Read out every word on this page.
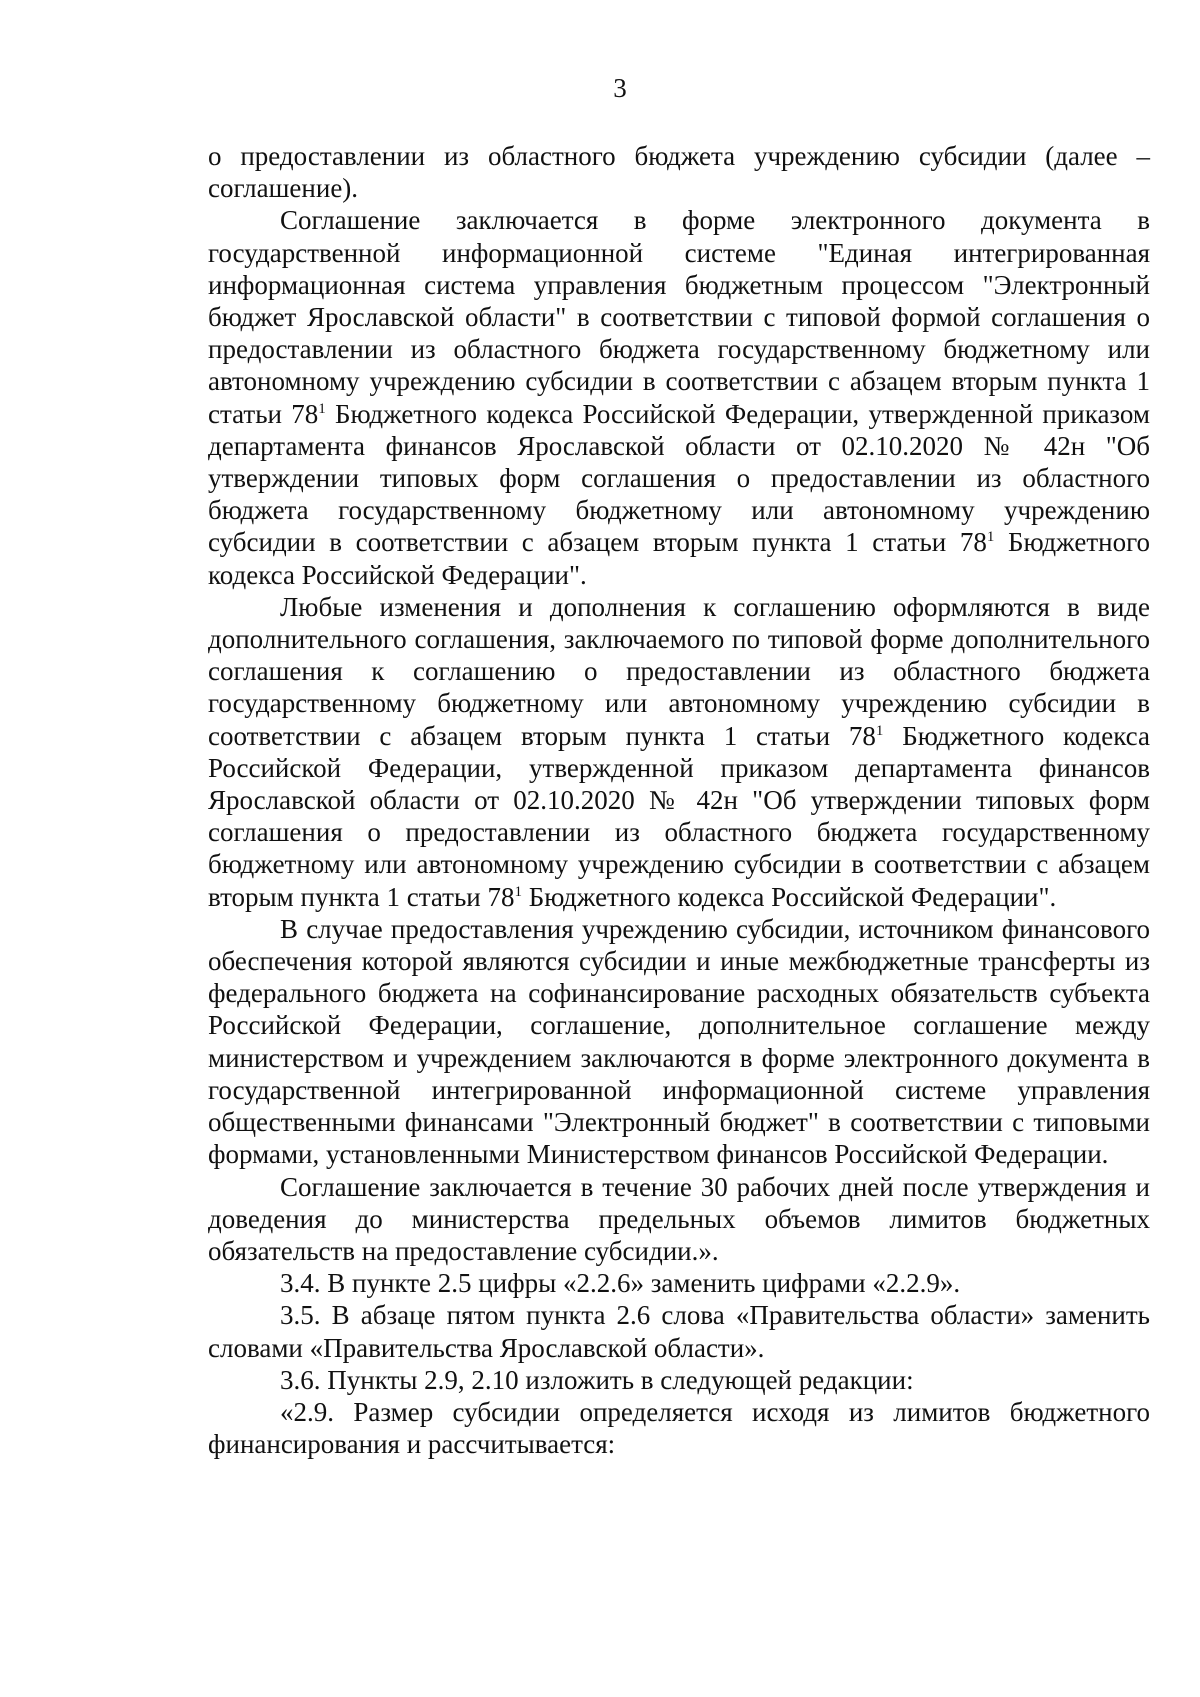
3

о предоставлении из областного бюджета учреждению субсидии (далее – соглашение).

Соглашение заключается в форме электронного документа в государственной информационной системе "Единая интегрированная информационная система управления бюджетным процессом "Электронный бюджет Ярославской области" в соответствии с типовой формой соглашения о предоставлении из областного бюджета государственному бюджетному или автономному учреждению субсидии в соответствии с абзацем вторым пункта 1 статьи $78^1$ Бюджетного кодекса Российской Федерации, утвержденной приказом департамента финансов Ярославской области от 02.10.2020 № 42н "Об утверждении типовых форм соглашения о предоставлении из областного бюджета государственному бюджетному или автономному учреждению субсидии в соответствии с абзацем вторым пункта 1 статьи $78^1$ Бюджетного кодекса Российской Федерации".

Любые изменения и дополнения к соглашению оформляются в виде дополнительного соглашения, заключаемого по типовой форме дополнительного соглашения к соглашению о предоставлении из областного бюджета государственному бюджетному или автономному учреждению субсидии в соответствии с абзацем вторым пункта 1 статьи $78^1$ Бюджетного кодекса Российской Федерации, утвержденной приказом департамента финансов Ярославской области от 02.10.2020 № 42н "Об утверждении типовых форм соглашения о предоставлении из областного бюджета государственному бюджетному или автономному учреждению субсидии в соответствии с абзацем вторым пункта 1 статьи $78^1$ Бюджетного кодекса Российской Федерации".

В случае предоставления учреждению субсидии, источником финансового обеспечения которой являются субсидии и иные межбюджетные трансферты из федерального бюджета на софинансирование расходных обязательств субъекта Российской Федерации, соглашение, дополнительное соглашение между министерством и учреждением заключаются в форме электронного документа в государственной интегрированной информационной системе управления общественными финансами "Электронный бюджет" в соответствии с типовыми формами, установленными Министерством финансов Российской Федерации.

Соглашение заключается в течение 30 рабочих дней после утверждения и доведения до министерства предельных объемов лимитов бюджетных обязательств на предоставление субсидии.».

3.4. В пункте 2.5 цифры «2.2.6» заменить цифрами «2.2.9».

3.5. В абзаце пятом пункта 2.6 слова «Правительства области» заменить словами «Правительства Ярославской области».

3.6. Пункты 2.9, 2.10 изложить в следующей редакции:

«2.9. Размер субсидии определяется исходя из лимитов бюджетного финансирования и рассчитывается:
